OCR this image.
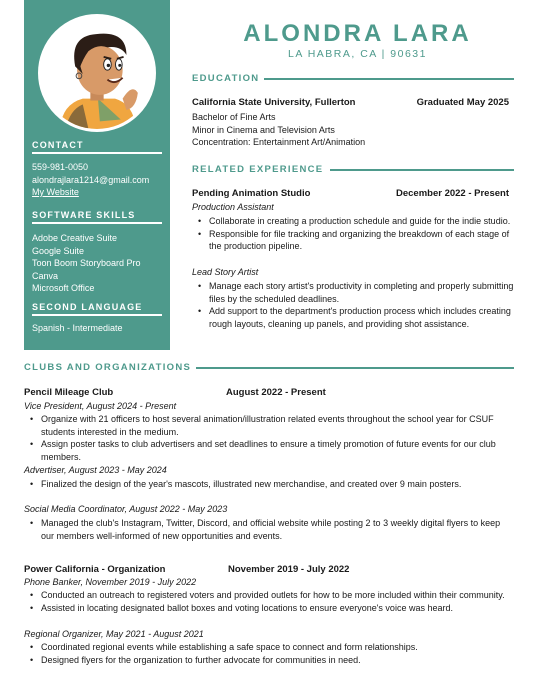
CONTACT
559-981-0050
alondrajlara1214@gmail.com
My Website
SOFTWARE SKILLS
Adobe Creative Suite
Google Suite
Toon Boom Storyboard Pro
Canva
Microsoft Office
SECOND LANGUAGE
Spanish - Intermediate
ALONDRA LARA
LA HABRA, CA | 90631
EDUCATION
California State University, Fullerton	Graduated May 2025
Bachelor of Fine Arts
Minor in Cinema and Television Arts
Concentration: Entertainment Art/Animation
RELATED EXPERIENCE
Pending Animation Studio	December 2022 - Present
Production Assistant
• Collaborate in creating a production schedule and guide for the indie studio.
• Responsible for file tracking and organizing the breakdown of each stage of the production pipeline.
Lead Story Artist
• Manage each story artist's productivity in completing and properly submitting files by the scheduled deadlines.
• Add support to the department's production process which includes creating rough layouts, cleaning up panels, and providing shot assistance.
CLUBS AND ORGANIZATIONS
Pencil Mileage Club	August 2022 - Present
Vice President, August 2024 - Present
• Organize with 21 officers to host several animation/illustration related events throughout the school year for CSUF students interested in the medium.
• Assign poster tasks to club advertisers and set deadlines to ensure a timely promotion of future events for our club members.
Advertiser, August 2023 - May 2024
• Finalized the design of the year's mascots, illustrated new merchandise, and created over 9 main posters.
Social Media Coordinator, August 2022 - May 2023
• Managed the club's Instagram, Twitter, Discord, and official website while posting 2 to 3 weekly digital flyers to keep our members well-informed of new opportunities and events.
Power California - Organization	November 2019 - July 2022
Phone Banker, November 2019 - July 2022
• Conducted an outreach to registered voters and provided outlets for how to be more included within their community.
• Assisted in locating designated ballot boxes and voting locations to ensure everyone's voice was heard.
Regional Organizer, May 2021 - August 2021
• Coordinated regional events while establishing a safe space to connect and form relationships.
• Designed flyers for the organization to further advocate for communities in need.
